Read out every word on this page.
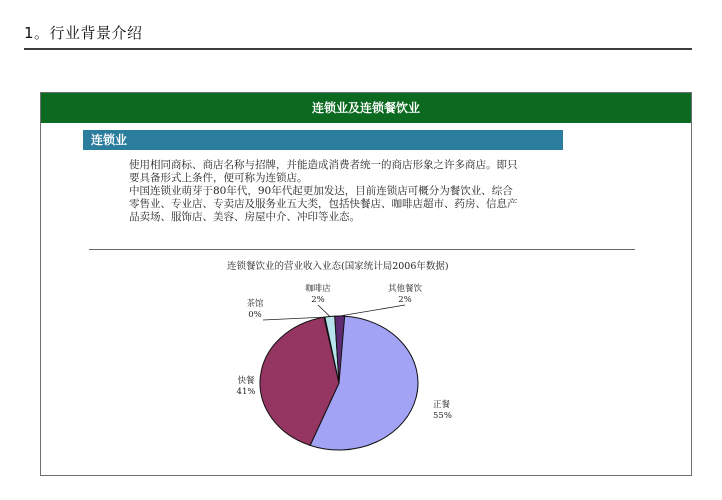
1。行业背景介绍
连锁业及连锁餐饮业
连锁业
使用相同商标、商店名称与招牌，并能造成消费者统一的商店形象之许多商店。即只
要具备形式上条件，便可称为连锁店。
中国连锁业萌芽于80年代，90年代起更加发达，目前连锁店可概分为餐饮业、综合
零售业、专业店、专卖店及服务业五大类，包括快餐店、咖啡店超市、药房、信息产
品卖场、服饰店、美容、房屋中介、冲印等业态。
连锁餐饮业的营业收入业态(国家统计局2006年数据)
正餐
55%
快餐
41%
茶馆
0%
咖啡店
2%
其他餐饮
2%
